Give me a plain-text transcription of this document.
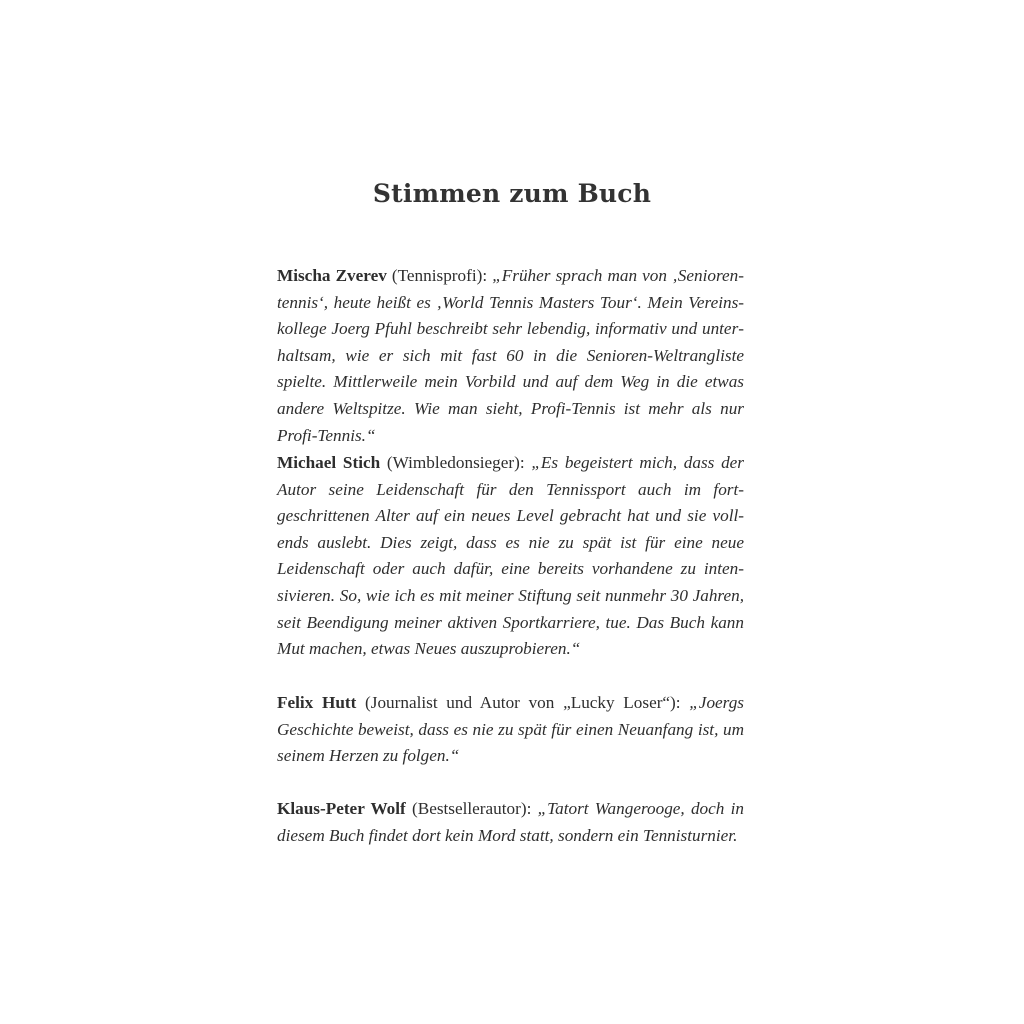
Stimmen zum Buch

Mischa Zverev (Tennisprofi): „Früher sprach man von ‚Seniorentennis‘, heute heißt es ‚World Tennis Masters Tour‘. Mein Vereinskollege Joerg Pfuhl beschreibt sehr lebendig, informativ und unterhaltsam, wie er sich mit fast 60 in die Senioren-Weltrangliste spielte. Mittlerweile mein Vorbild und auf dem Weg in die etwas andere Weltspitze. Wie man sieht, Profi-Tennis ist mehr als nur Profi-Tennis.“

Michael Stich (Wimbledonsieger): „Es begeistert mich, dass der Autor seine Leidenschaft für den Tennissport auch im fortgeschrittenen Alter auf ein neues Level gebracht hat und sie vollends auslebt. Dies zeigt, dass es nie zu spät ist für eine neue Leidenschaft oder auch dafür, eine bereits vorhandene zu intensivieren. So, wie ich es mit meiner Stiftung seit nunmehr 30 Jahren, seit Beendigung meiner aktiven Sportkarriere, tue. Das Buch kann Mut machen, etwas Neues auszuprobieren.“

Felix Hutt (Journalist und Autor von „Lucky Loser“): „Joergs Geschichte beweist, dass es nie zu spät für einen Neuanfang ist, um seinem Herzen zu folgen.“

Klaus-Peter Wolf (Bestsellerautor): „Tatort Wangerooge, doch in diesem Buch findet dort kein Mord statt, sondern ein Tennisturnier.
